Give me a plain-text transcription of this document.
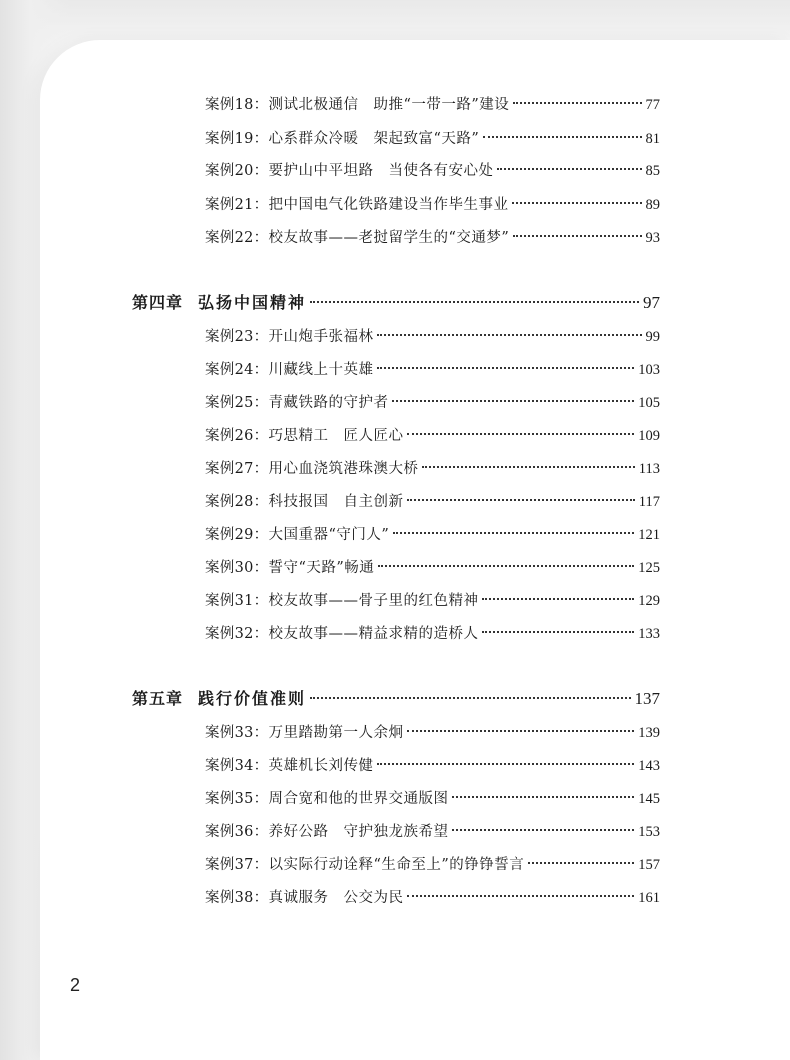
案例18： 测试北极通信　助推“一带一路”建设	77
案例19： 心系群众冷暖　架起致富“天路”	81
案例20： 要护山中平坦路　当使各有安心处	85
案例21： 把中国电气化铁路建设当作毕生事业	89
案例22： 校友故事——老挝留学生的“交通梦”	93
第四章 弘扬中国精神	97
案例23： 开山炮手张福林	99
案例24： 川藏线上十英雄	103
案例25： 青藏铁路的守护者	105
案例26： 巧思精工　匠人匠心	109
案例27： 用心血浇筑港珠澳大桥	113
案例28： 科技报国　自主创新	117
案例29： 大国重器“守门人”	121
案例30： 誓守“天路”畅通	125
案例31： 校友故事——骨子里的红色精神	129
案例32： 校友故事——精益求精的造桥人	133
第五章 践行价值准则	137
案例33： 万里踏勘第一人余炯	139
案例34： 英雄机长刘传健	143
案例35： 周合宽和他的世界交通版图	145
案例36： 养好公路　守护独龙族希望	153
案例37： 以实际行动诠释“生命至上”的铮铮誓言	157
案例38： 真诚服务　公交为民	161
2
